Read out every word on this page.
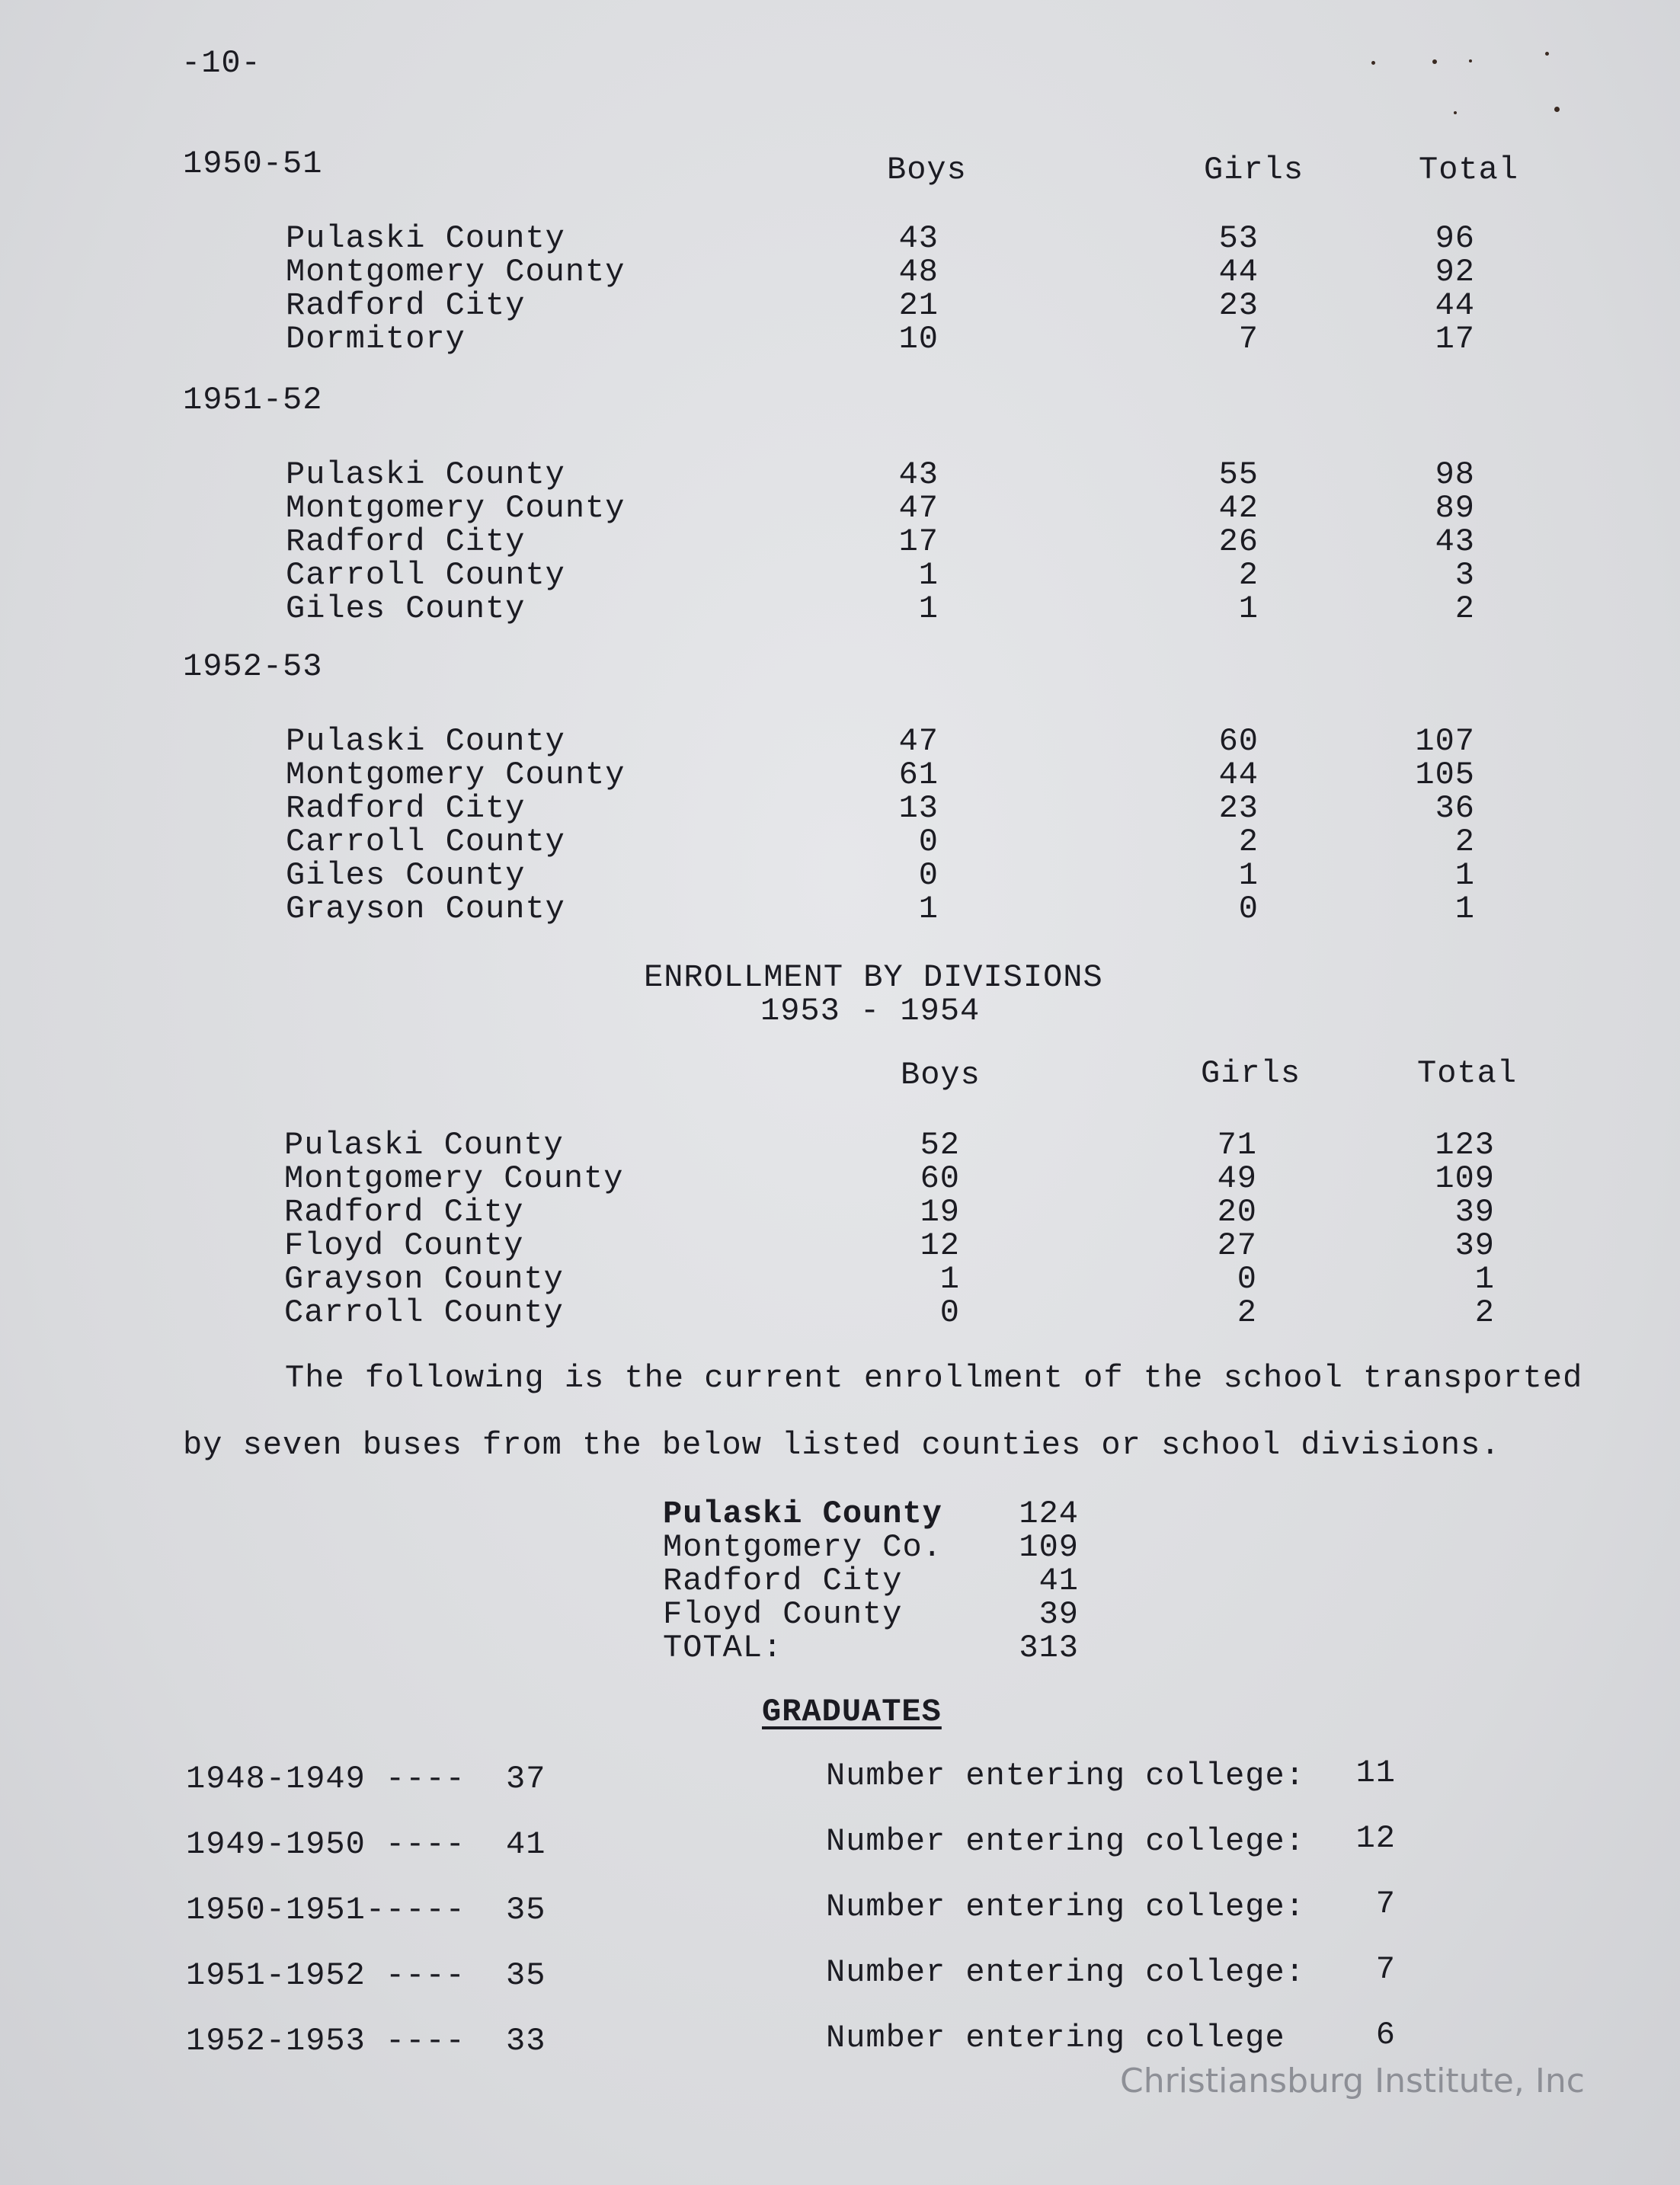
-10-
Boys	Girls	Total
1950-51
Pulaski County	43	53	96
Montgomery County	48	44	92
Radford City	21	23	44
Dormitory	10	7	17
1951-52
Pulaski County	43	55	98
Montgomery County	47	42	89
Radford City	17	26	43
Carroll County	1	2	3
Giles County	1	1	2
1952-53
Pulaski County	47	60	107
Montgomery County	61	44	105
Radford City	13	23	36
Carroll County	0	2	2
Giles County	0	1	1
Grayson County	1	0	1
ENROLLMENT BY DIVISIONS
1953 - 1954
Boys	Girls	Total
Pulaski County	52	71	123
Montgomery County	60	49	109
Radford City	19	20	39
Floyd County	12	27	39
Grayson County	1	0	1
Carroll County	0	2	2
The following is the current enrollment of the school transported
by seven buses from the below listed counties or school divisions.
Pulaski County	124
Montgomery Co.	109
Radford City	41
Floyd County	39
TOTAL:	313
GRADUATES
1948-1949 ---- 37	Number entering college:	11
1949-1950 ---- 41	Number entering college:	12
1950-1951----- 35	Number entering college:	7
1951-1952 ---- 35	Number entering college:	7
1952-1953 ---- 33	Number entering college	6
Christiansburg Institute, Inc
